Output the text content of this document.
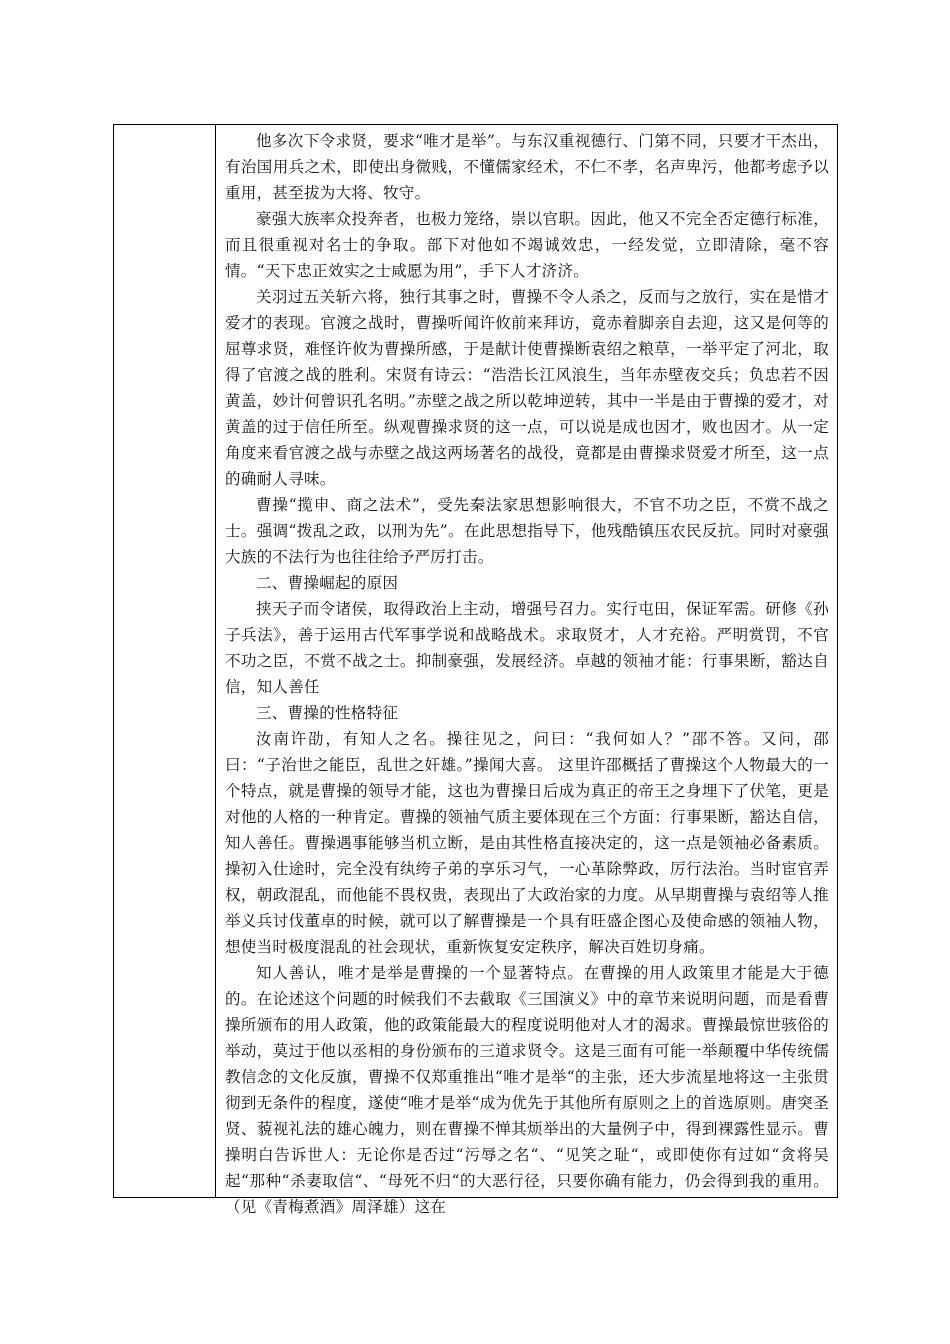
他多次下令求贤，要求“唯才是举”。与东汉重视德行、门第不同，只要才干杰出，有治国用兵之术，即使出身微贱，不懂儒家经术，不仁不孝，名声卑污，他都考虑予以重用，甚至拔为大将、牧守。

豪强大族率众投奔者，也极力笼络，崇以官职。因此，他又不完全否定德行标准，而且很重视对名士的争取。部下对他如不竭诚效忠，一经发觉，立即清除，毫不容情。“天下忠正效实之士咸愿为用”，手下人才济济。

关羽过五关斩六将，独行其事之时，曹操不令人杀之，反而与之放行，实在是惜才爱才的表现。官渡之战时，曹操听闻许攸前来拜访，竟赤着脚亲自去迎，这又是何等的屈尊求贤，难怪许攸为曹操所感，于是献计使曹操断袁绍之粮草，一举平定了河北，取得了官渡之战的胜利。宋贤有诗云：“浩浩长江风浪生，当年赤壁夜交兵；负忠若不因黄盖，妙计何曾识孔名明。”赤壁之战之所以乾坤逆转，其中一半是由于曹操的爱才，对黄盖的过于信任所至。纵观曹操求贤的这一点，可以说是成也因才，败也因才。从一定角度来看官渡之战与赤壁之战这两场著名的战役，竟都是由曹操求贤爱才所至，这一点的确耐人寻味。

曹操“揽申、商之法术”，受先秦法家思想影响很大，不官不功之臣，不赏不战之士。强调“拨乱之政，以刑为先”。在此思想指导下，他残酷镇压农民反抗。同时对豪强大族的不法行为也往往给予严厉打击。

二、曹操崛起的原因

挟天子而令诸侯，取得政治上主动，增强号召力。实行屯田，保证军需。研修《孙子兵法》，善于运用古代军事学说和战略战术。求取贤才，人才充裕。严明赏罚，不官不功之臣，不赏不战之士。抑制豪强，发展经济。卓越的领袖才能：行事果断，豁达自信，知人善任

三、曹操的性格特征

汝南许劭，有知人之名。操往见之，问曰：“我何如人？”邵不答。又问，邵曰：“子治世之能臣，乱世之奸雄。”操闻大喜。 这里许邵概括了曹操这个人物最大的一个特点，就是曹操的领导才能，这也为曹操日后成为真正的帝王之身埋下了伏笔，更是对他的人格的一种肯定。曹操的领袖气质主要体现在三个方面：行事果断，豁达自信，知人善任。曹操遇事能够当机立断，是由其性格直接决定的，这一点是领袖必备素质。操初入仕途时，完全没有纨绔子弟的享乐习气，一心革除弊政，厉行法治。当时宦官弄权，朝政混乱，而他能不畏权贵，表现出了大政治家的力度。从早期曹操与袁绍等人推举义兵讨伐董卓的时候，就可以了解曹操是一个具有旺盛企图心及使命感的领袖人物，想使当时极度混乱的社会现状，重新恢复安定秩序，解决百姓切身痛。

知人善认，唯才是举是曹操的一个显著特点。在曹操的用人政策里才能是大于德的。在论述这个问题的时候我们不去截取《三国演义》中的章节来说明问题，而是看曹操所颁布的用人政策，他的政策能最大的程度说明他对人才的渴求。曹操最惊世骇俗的举动，莫过于他以丞相的身份颁布的三道求贤令。这是三面有可能一举颠覆中华传统儒教信念的文化反旗，曹操不仅郑重推出“唯才是举“的主张，还大步流星地将这一主张贯彻到无条件的程度，遂使“唯才是举“成为优先于其他所有原则之上的首选原则。唐突圣贤、藐视礼法的雄心魄力，则在曹操不惮其烦举出的大量例子中，得到裸露性显示。曹操明白告诉世人：无论你是否过“污辱之名“、“见笑之耻“，或即使你有过如“贪将吴起“那种“杀妻取信“、“母死不归“的大恶行径，只要你确有能力，仍会得到我的重用。（见《青梅煮酒》周泽雄）这在
